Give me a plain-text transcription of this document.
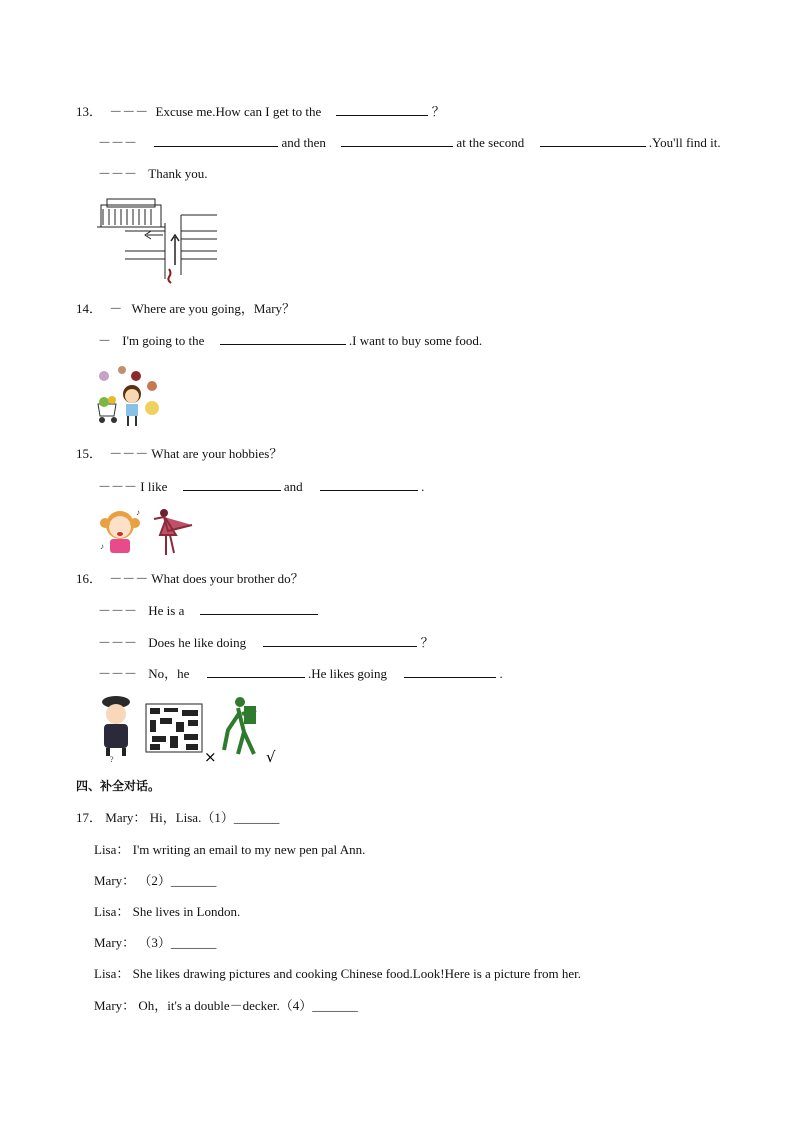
13． －－－ Excuse me.How can I get to the	？
－－－	and then	at the second	.You'll find it.
－－－ Thank you.
14． － Where are you going，Mary？
－ I'm going to the	.I want to buy some food.
15． －－－ What are your hobbies？
－－－ I like	and	.
♪
♪
16． －－－ What does your brother do？
－－－ He is a
－－－ Does he like doing	？
－－－ No，he	.He likes going	.
?	×	√
四、补全对话。
17． Mary： Hi，Lisa.（1）_______
Lisa： I'm writing an email to my new pen pal Ann.
Mary： （2）_______
Lisa： She lives in London.
Mary： （3）_______
Lisa： She likes drawing pictures and cooking Chinese food.Look!Here is a picture from her.
Mary： Oh，it's a double－decker.（4）_______
